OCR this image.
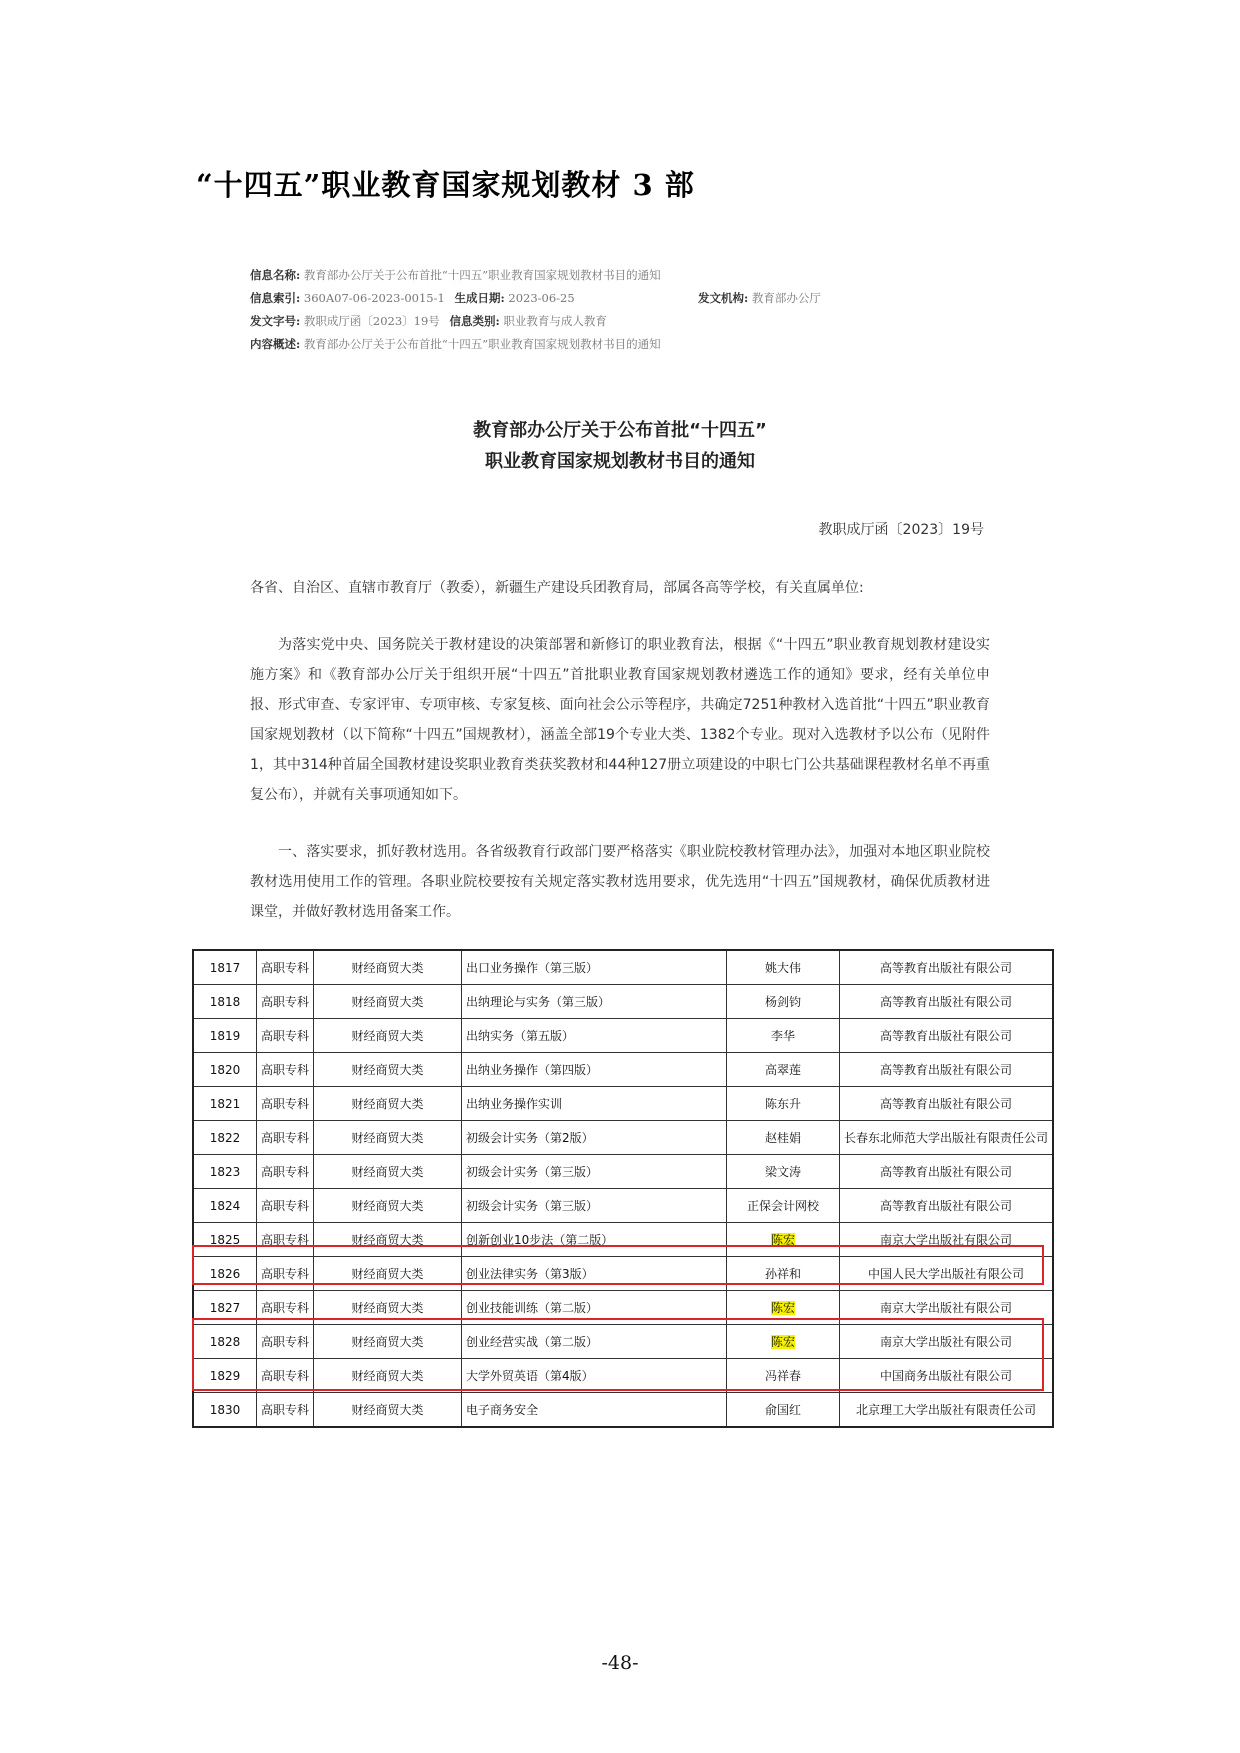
“十四五”职业教育国家规划教材 3 部
信息名称: 教育部办公厅关于公布首批“十四五”职业教育国家规划教材书目的通知
信息索引: 360A07-06-2023-0015-1 生成日期: 2023-06-25	发文机构: 教育部办公厅
发文字号: 教职成厅函〔2023〕19号 信息类别: 职业教育与成人教育
内容概述: 教育部办公厅关于公布首批“十四五”职业教育国家规划教材书目的通知
教育部办公厅关于公布首批“十四五”
职业教育国家规划教材书目的通知
教职成厅函〔2023〕19号
各省、自治区、直辖市教育厅（教委），新疆生产建设兵团教育局，部属各高等学校，有关直属单位:
为落实党中央、国务院关于教材建设的决策部署和新修订的职业教育法，根据《“十四五”职业教育规划教材建设实施方案》和《教育部办公厅关于组织开展“十四五”首批职业教育国家规划教材遴选工作的通知》要求，经有关单位申报、形式审查、专家评审、专项审核、专家复核、面向社会公示等程序，共确定7251种教材入选首批“十四五”职业教育国家规划教材（以下简称“十四五”国规教材），涵盖全部19个专业大类、1382个专业。现对入选教材予以公布（见附件1，其中314种首届全国教材建设奖职业教育类获奖教材和44种127册立项建设的中职七门公共基础课程教材名单不再重复公布），并就有关事项通知如下。
一、落实要求，抓好教材选用。各省级教育行政部门要严格落实《职业院校教材管理办法》，加强对本地区职业院校教材选用使用工作的管理。各职业院校要按有关规定落实教材选用要求，优先选用“十四五”国规教材，确保优质教材进课堂，并做好教材选用备案工作。
1817	高职专科	财经商贸大类	出口业务操作（第三版）	姚大伟	高等教育出版社有限公司
1818	高职专科	财经商贸大类	出纳理论与实务（第三版）	杨剑钧	高等教育出版社有限公司
1819	高职专科	财经商贸大类	出纳实务（第五版）	李华	高等教育出版社有限公司
1820	高职专科	财经商贸大类	出纳业务操作（第四版）	高翠莲	高等教育出版社有限公司
1821	高职专科	财经商贸大类	出纳业务操作实训	陈东升	高等教育出版社有限公司
1822	高职专科	财经商贸大类	初级会计实务（第2版）	赵桂娟	长春东北师范大学出版社有限责任公司
1823	高职专科	财经商贸大类	初级会计实务（第三版）	梁文涛	高等教育出版社有限公司
1824	高职专科	财经商贸大类	初级会计实务（第三版）	正保会计网校	高等教育出版社有限公司
1825	高职专科	财经商贸大类	创新创业10步法（第二版）	陈宏	南京大学出版社有限公司
1826	高职专科	财经商贸大类	创业法律实务（第3版）	孙祥和	中国人民大学出版社有限公司
1827	高职专科	财经商贸大类	创业技能训练（第二版）	陈宏	南京大学出版社有限公司
1828	高职专科	财经商贸大类	创业经营实战（第二版）	陈宏	南京大学出版社有限公司
1829	高职专科	财经商贸大类	大学外贸英语（第4版）	冯祥春	中国商务出版社有限公司
1830	高职专科	财经商贸大类	电子商务安全	俞国红	北京理工大学出版社有限责任公司
-48-
